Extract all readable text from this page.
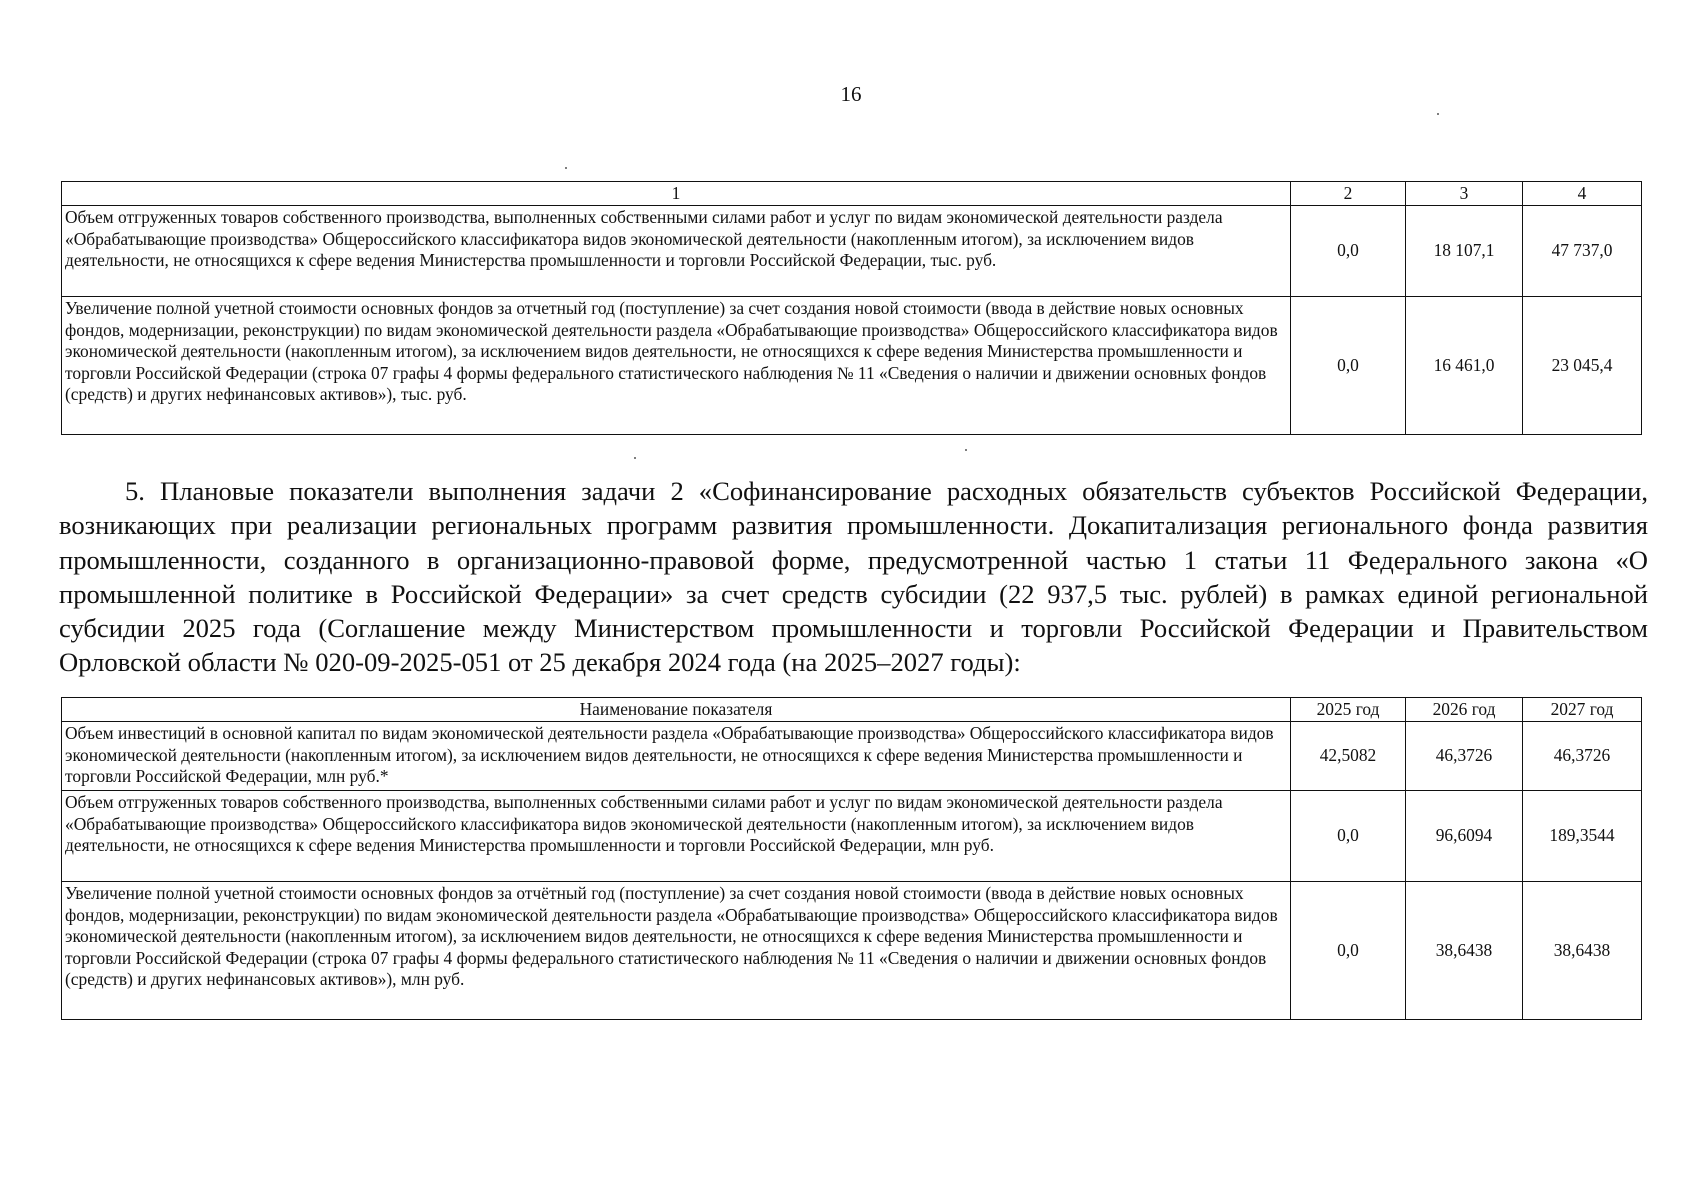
16
1	2	3	4
Объем отгруженных товаров собственного производства, выполненных собственными силами работ и услуг по видам экономической деятельности раздела «Обрабатывающие производства» Общероссийского классификатора видов экономической деятельности (накопленным итогом), за исключением видов деятельности, не относящихся к сфере ведения Министерства промышленности и торговли Российской Федерации, тыс. руб.	0,0	18 107,1	47 737,0
Увеличение полной учетной стоимости основных фондов за отчетный год (поступление) за счет создания новой стоимости (ввода в действие новых основных фондов, модернизации, реконструкции) по видам экономической деятельности раздела «Обрабатывающие производства» Общероссийского классификатора видов экономической деятельности (накопленным итогом), за исключением видов деятельности, не относящихся к сфере ведения Министерства промышленности и торговли Российской Федерации (строка 07 графы 4 формы федерального статистического наблюдения № 11 «Сведения о наличии и движении основных фондов (средств) и других нефинансовых активов»), тыс. руб.	0,0	16 461,0	23 045,4

5. Плановые показатели выполнения задачи 2 «Софинансирование расходных обязательств субъектов Российской Федерации, возникающих при реализации региональных программ развития промышленности. Докапитализация регионального фонда развития промышленности, созданного в организационно-правовой форме, предусмотренной частью 1 статьи 11 Федерального закона «О промышленной политике в Российской Федерации» за счет средств субсидии (22 937,5 тыс. рублей) в рамках единой региональной субсидии 2025 года (Соглашение между Министерством промышленности и торговли Российской Федерации и Правительством Орловской области № 020-09-2025-051 от 25 декабря 2024 года (на 2025–2027 годы):

Наименование показателя	2025 год	2026 год	2027 год
Объем инвестиций в основной капитал по видам экономической деятельности раздела «Обрабатывающие производства» Общероссийского классификатора видов экономической деятельности (накопленным итогом), за исключением видов деятельности, не относящихся к сфере ведения Министерства промышленности и торговли Российской Федерации, млн руб.*	42,5082	46,3726	46,3726
Объем отгруженных товаров собственного производства, выполненных собственными силами работ и услуг по видам экономической деятельности раздела «Обрабатывающие производства» Общероссийского классификатора видов экономической деятельности (накопленным итогом), за исключением видов деятельности, не относящихся к сфере ведения Министерства промышленности и торговли Российской Федерации, млн руб.	0,0	96,6094	189,3544
Увеличение полной учетной стоимости основных фондов за отчётный год (поступление) за счет создания новой стоимости (ввода в действие новых основных фондов, модернизации, реконструкции) по видам экономической деятельности раздела «Обрабатывающие производства» Общероссийского классификатора видов экономической деятельности (накопленным итогом), за исключением видов деятельности, не относящихся к сфере ведения Министерства промышленности и торговли Российской Федерации (строка 07 графы 4 формы федерального статистического наблюдения № 11 «Сведения о наличии и движении основных фондов (средств) и других нефинансовых активов»), млн руб.	0,0	38,6438	38,6438
